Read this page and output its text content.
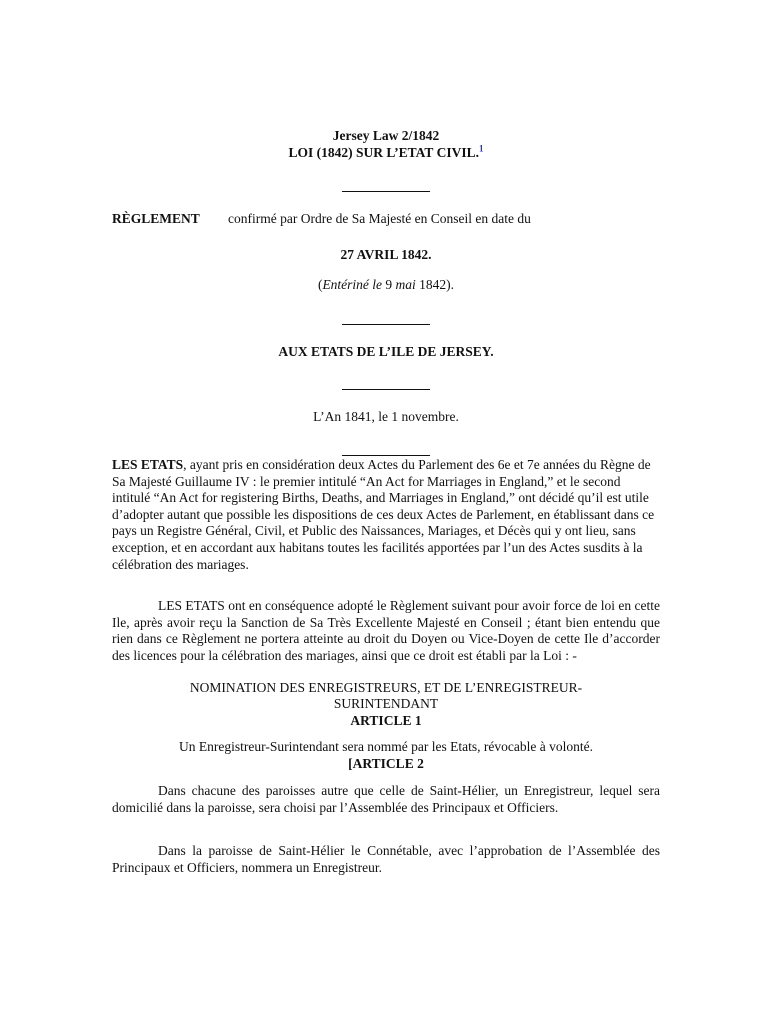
Jersey Law 2/1842
LOI (1842) SUR L’ETAT CIVIL.$^1$
RÈGLEMENT confirmé par Ordre de Sa Majesté en Conseil en date du
27 AVRIL 1842.
(Entériné le 9 mai 1842).
AUX ETATS DE L’ILE DE JERSEY.
L’An 1841, le 1 novembre.
LES ETATS, ayant pris en considération deux Actes du Parlement des 6e et 7e années du Règne de Sa Majesté Guillaume IV : le premier intitulé “An Act for Marriages in England,” et le second intitulé “An Act for registering Births, Deaths, and Marriages in England,” ont décidé qu’il est utile d’adopter autant que possible les dispositions de ces deux Actes de Parlement, en établissant dans ce pays un Registre Général, Civil, et Public des Naissances, Mariages, et Décès qui y ont lieu, sans exception, et en accordant aux habitans toutes les facilités apportées par l’un des Actes susdits à la célébration des mariages.
LES ETATS ont en conséquence adopté le Règlement suivant pour avoir force de loi en cette Ile, après avoir reçu la Sanction de Sa Très Excellente Majesté en Conseil ; étant bien entendu que rien dans ce Règlement ne portera atteinte au droit du Doyen ou Vice-Doyen de cette Ile d’accorder des licences pour la célébration des mariages, ainsi que ce droit est établi par la Loi : -
NOMINATION DES ENREGISTREURS, ET DE L’ENREGISTREUR-
SURINTENDANT
ARTICLE 1
Un Enregistreur-Surintendant sera nommé par les Etats, révocable à volonté.
[ARTICLE 2
Dans chacune des paroisses autre que celle de Saint-Hélier, un Enregistreur, lequel sera domicilié dans la paroisse, sera choisi par l’Assemblée des Principaux et Officiers.
Dans la paroisse de Saint-Hélier le Connétable, avec l’approbation de l’Assemblée des Principaux et Officiers, nommera un Enregistreur.
